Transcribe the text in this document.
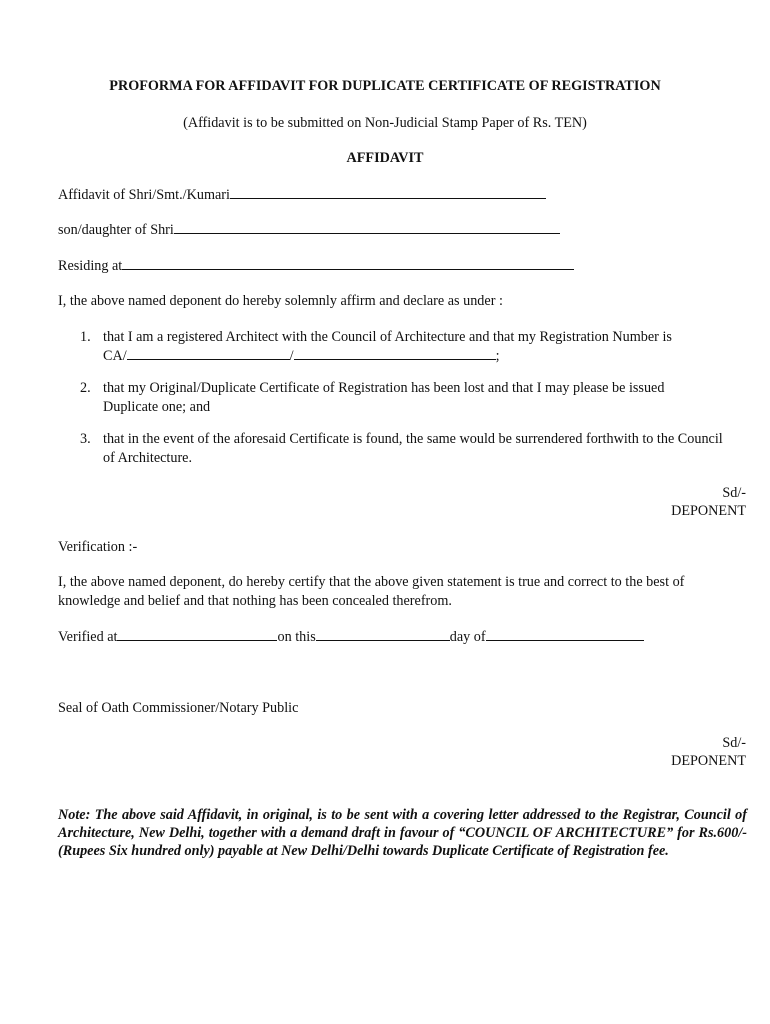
PROFORMA FOR AFFIDAVIT FOR DUPLICATE CERTIFICATE OF REGISTRATION
(Affidavit is to be submitted on Non-Judicial Stamp Paper of Rs. TEN)
AFFIDAVIT
Affidavit of Shri/Smt./Kumari
son/daughter of Shri
Residing at
I, the above named deponent do hereby solemnly affirm and declare as under :
1. that I am a registered Architect with the Council of Architecture and that my Registration Number is
CA/	/	;
2. that my Original/Duplicate Certificate of Registration has been lost and that I may please be issued Duplicate one; and
3. that in the event of the aforesaid Certificate is found, the same would be surrendered forthwith to the Council of Architecture.
Sd/-
DEPONENT
Verification :-
I, the above named deponent, do hereby certify that the above given statement is true and correct to the best of knowledge and belief and that nothing has been concealed therefrom.
Verified at	on this	day of
Seal of Oath Commissioner/Notary Public
Sd/-
DEPONENT
Note: The above said Affidavit, in original, is to be sent with a covering letter addressed to the Registrar, Council of Architecture, New Delhi, together with a demand draft in favour of “COUNCIL OF ARCHITECTURE” for Rs.600/- (Rupees Six hundred only) payable at New Delhi/Delhi towards Duplicate Certificate of Registration fee.
